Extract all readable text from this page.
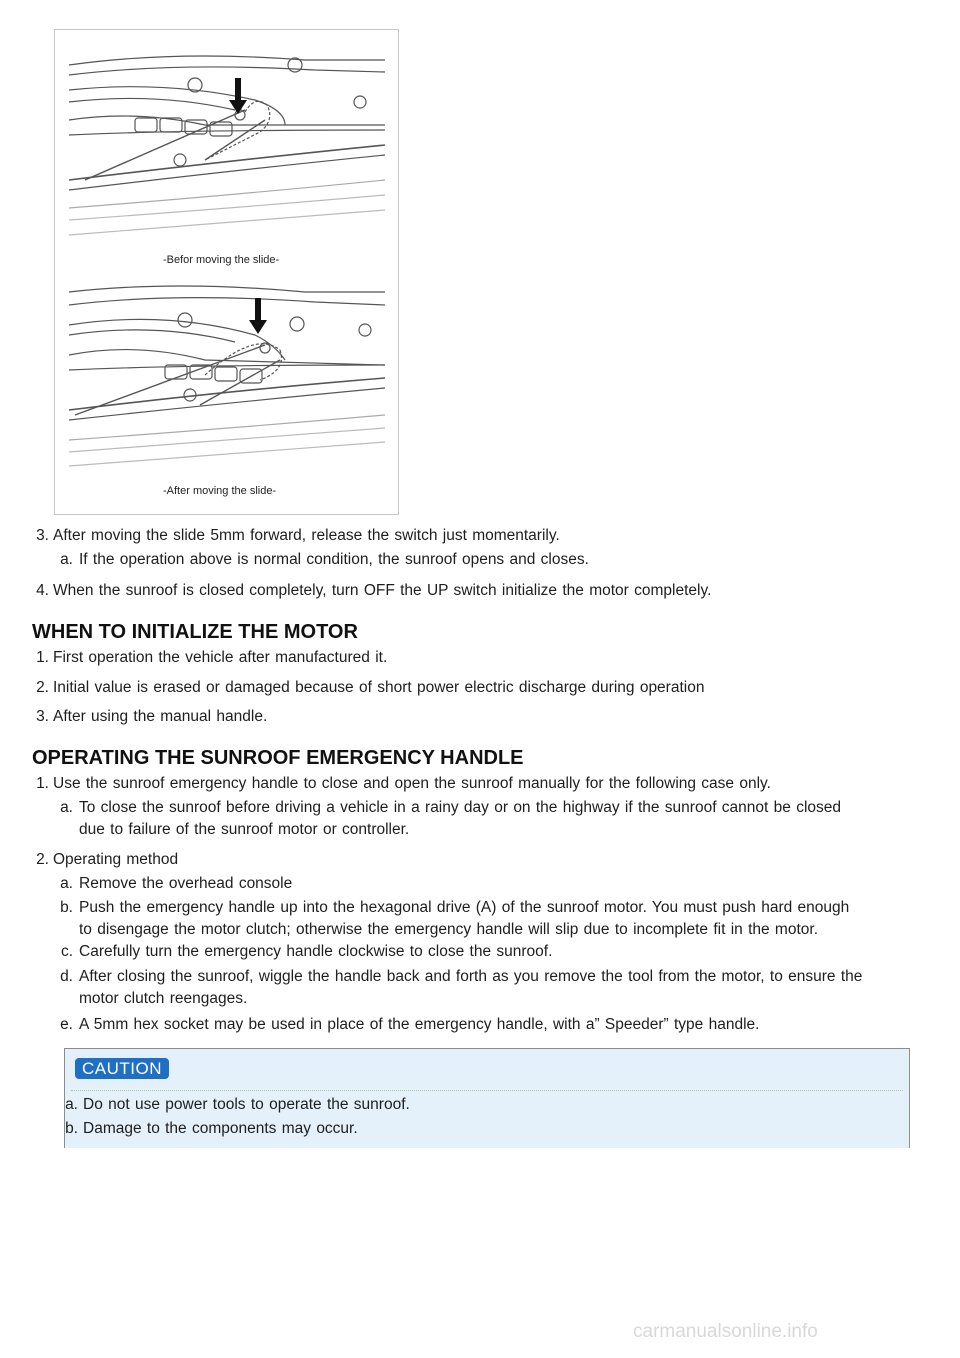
-Befor moving the slide-
-After moving the slide-
3. After moving the slide 5mm forward, release the switch just momentarily.
a. If the operation above is normal condition, the sunroof opens and closes.
4. When the sunroof is closed completely, turn OFF the UP switch initialize the motor completely.
WHEN TO INITIALIZE THE MOTOR
1. First operation the vehicle after manufactured it.
2. Initial value is erased or damaged because of short power electric discharge during operation
3. After using the manual handle.
OPERATING THE SUNROOF EMERGENCY HANDLE
1. Use the sunroof emergency handle to close and open the sunroof manually for the following case only.
a. To close the sunroof before driving a vehicle in a rainy day or on the highway if the sunroof cannot be closed
due to failure of the sunroof motor or controller.
2. Operating method
a. Remove the overhead console
b. Push the emergency handle up into the hexagonal drive (A) of the sunroof motor. You must push hard enough
to disengage the motor clutch; otherwise the emergency handle will slip due to incomplete fit in the motor.
c. Carefully turn the emergency handle clockwise to close the sunroof.
d. After closing the sunroof, wiggle the handle back and forth as you remove the tool from the motor, to ensure the
motor clutch reengages.
e. A 5mm hex socket may be used in place of the emergency handle, with a” Speeder” type handle.
CAUTION
a. Do not use power tools to operate the sunroof.
b. Damage to the components may occur.
carmanualsonline.info
